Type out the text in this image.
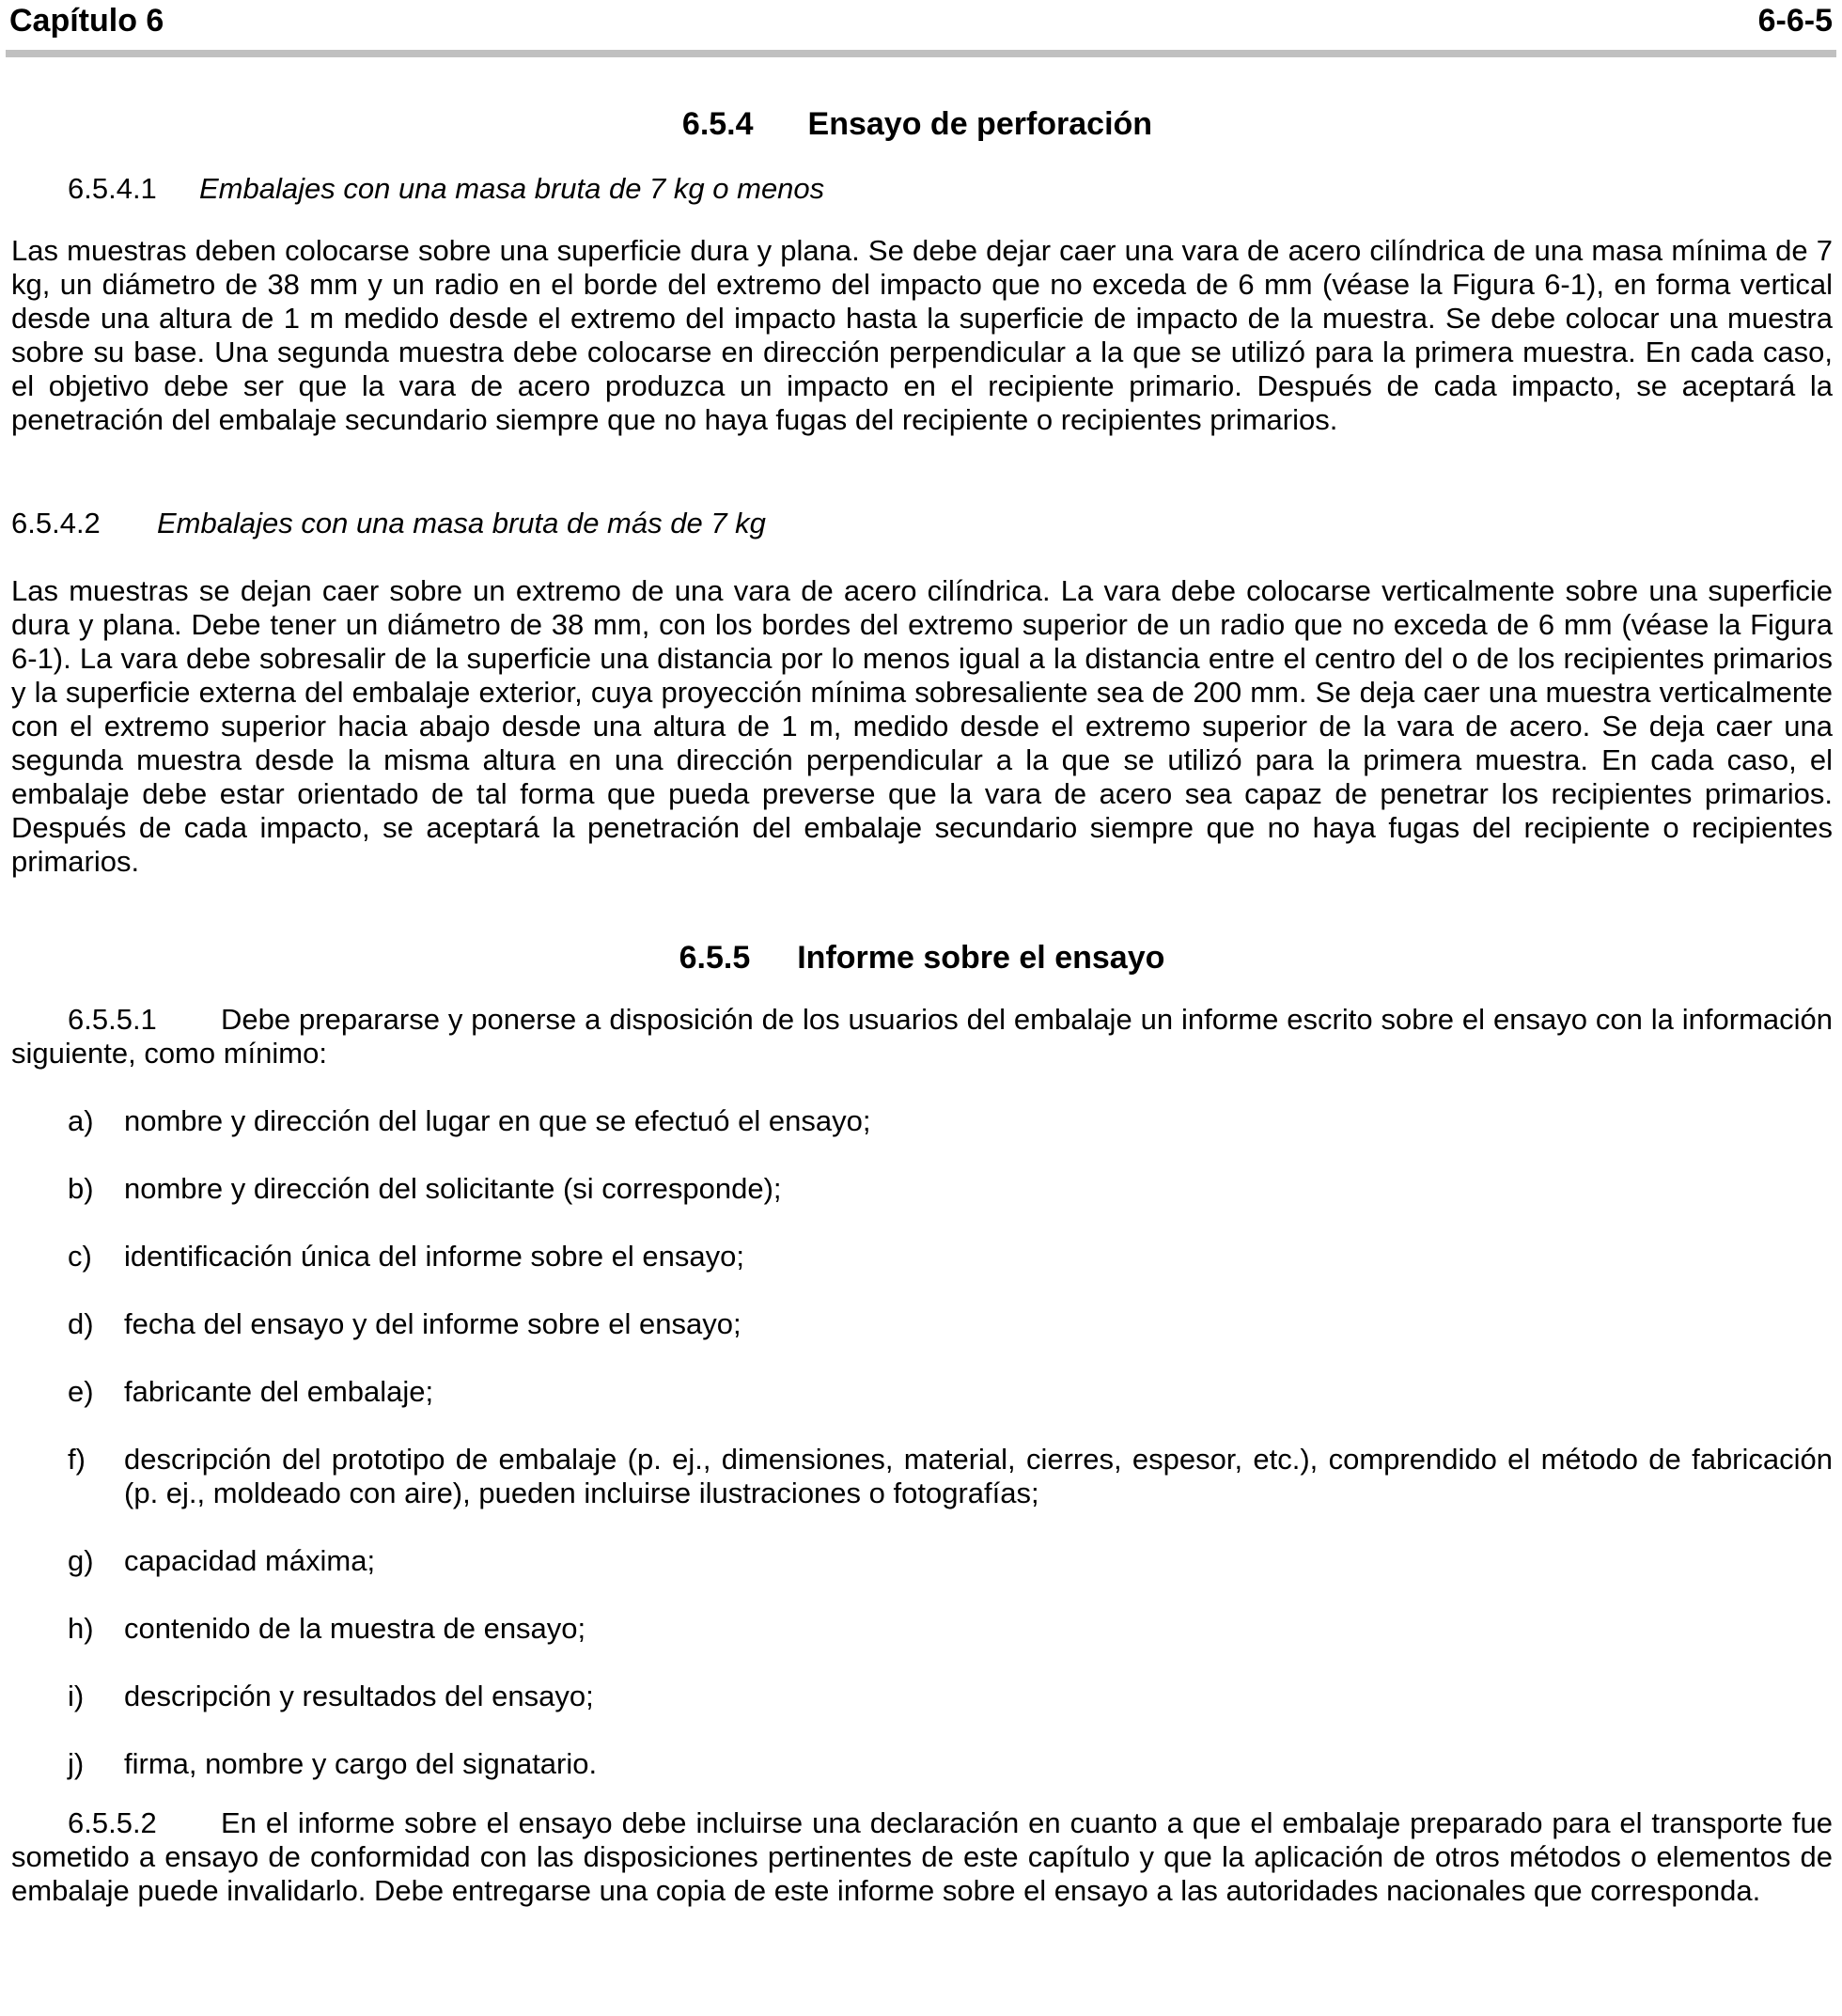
Capítulo 6	6-6-5
6.5.4 Ensayo de perforación

6.5.4.1 Embalajes con una masa bruta de 7 kg o menos

Las muestras deben colocarse sobre una superficie dura y plana. Se debe dejar caer una vara de acero cilíndrica de una masa mínima de 7 kg, un diámetro de 38 mm y un radio en el borde del extremo del impacto que no exceda de 6 mm (véase la Figura 6-1), en forma vertical desde una altura de 1 m medido desde el extremo del impacto hasta la superficie de impacto de la muestra. Se debe colocar una muestra sobre su base. Una segunda muestra debe colocarse en dirección perpendicular a la que se utilizó para la primera muestra. En cada caso, el objetivo debe ser que la vara de acero produzca un impacto en el recipiente primario. Después de cada impacto, se aceptará la penetración del embalaje secundario siempre que no haya fugas del recipiente o recipientes primarios.

6.5.4.2 Embalajes con una masa bruta de más de 7 kg

Las muestras se dejan caer sobre un extremo de una vara de acero cilíndrica. La vara debe colocarse verticalmente sobre una superficie dura y plana. Debe tener un diámetro de 38 mm, con los bordes del extremo superior de un radio que no exceda de 6 mm (véase la Figura 6-1). La vara debe sobresalir de la superficie una distancia por lo menos igual a la distancia entre el centro del o de los recipientes primarios y la superficie externa del embalaje exterior, cuya proyección mínima sobresaliente sea de 200 mm. Se deja caer una muestra verticalmente con el extremo superior hacia abajo desde una altura de 1 m, medido desde el extremo superior de la vara de acero. Se deja caer una segunda muestra desde la misma altura en una dirección perpendicular a la que se utilizó para la primera muestra. En cada caso, el embalaje debe estar orientado de tal forma que pueda preverse que la vara de acero sea capaz de penetrar los recipientes primarios. Después de cada impacto, se aceptará la penetración del embalaje secundario siempre que no haya fugas del recipiente o recipientes primarios.

6.5.5 Informe sobre el ensayo

6.5.5.1 Debe prepararse y ponerse a disposición de los usuarios del embalaje un informe escrito sobre el ensayo con la información siguiente, como mínimo:

a)	nombre y dirección del lugar en que se efectuó el ensayo;
b)	nombre y dirección del solicitante (si corresponde);
c)	identificación única del informe sobre el ensayo;
d)	fecha del ensayo y del informe sobre el ensayo;
e)	fabricante del embalaje;
f)	descripción del prototipo de embalaje (p. ej., dimensiones, material, cierres, espesor, etc.), comprendido el método de fabricación (p. ej., moldeado con aire), pueden incluirse ilustraciones o fotografías;
g)	capacidad máxima;
h)	contenido de la muestra de ensayo;
i)	descripción y resultados del ensayo;
j)	firma, nombre y cargo del signatario.

6.5.5.2 En el informe sobre el ensayo debe incluirse una declaración en cuanto a que el embalaje preparado para el transporte fue sometido a ensayo de conformidad con las disposiciones pertinentes de este capítulo y que la aplicación de otros métodos o elementos de embalaje puede invalidarlo. Debe entregarse una copia de este informe sobre el ensayo a las autoridades nacionales que corresponda.
